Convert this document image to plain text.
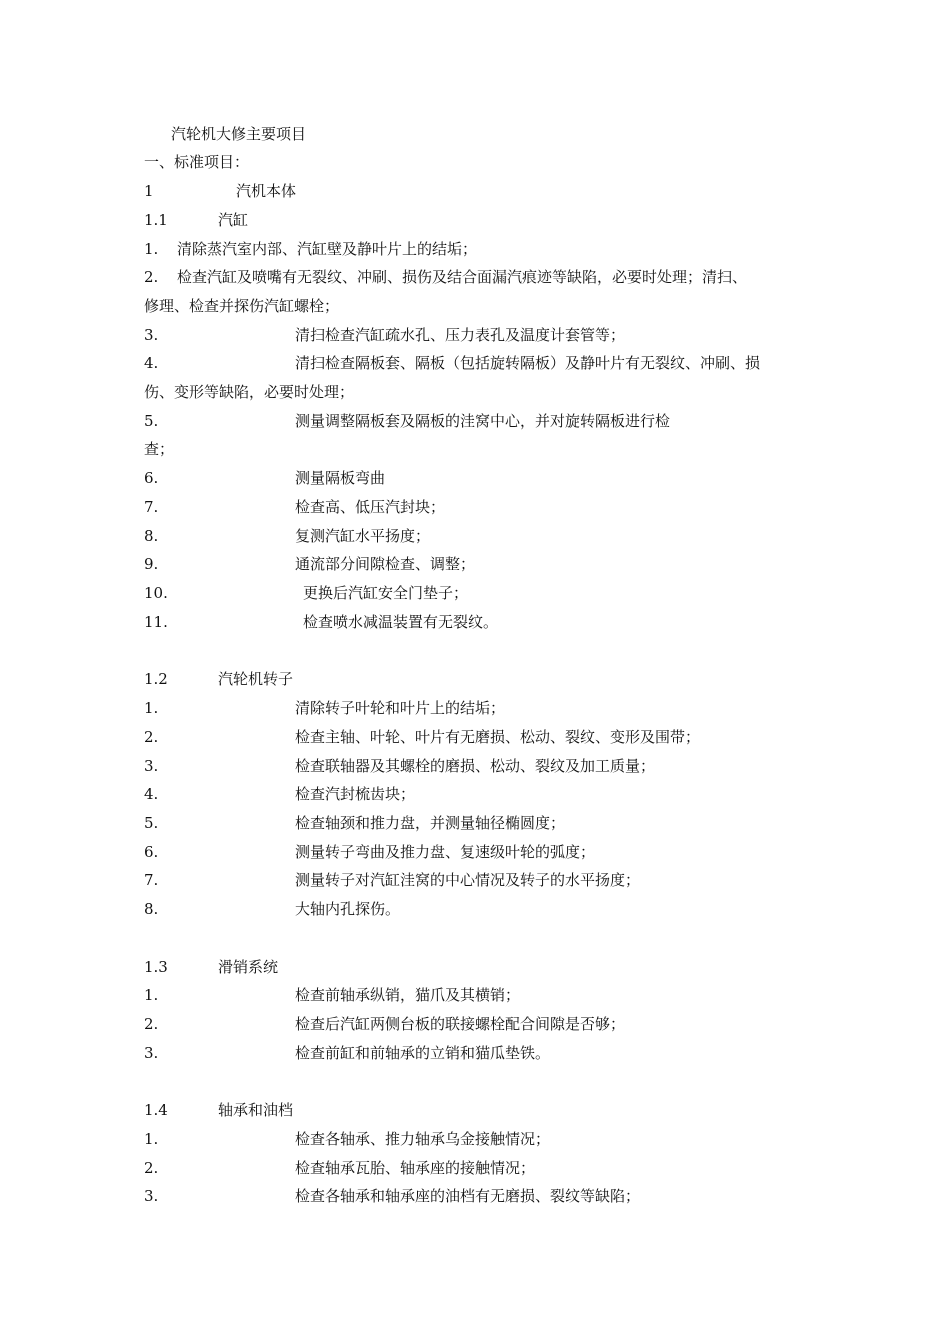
汽轮机大修主要项目
一、标准项目：
1	汽机本体
1.1	汽缸
1. 清除蒸汽室内部、汽缸壁及静叶片上的结垢；
2. 检查汽缸及喷嘴有无裂纹、冲刷、损伤及结合面漏汽痕迹等缺陷，必要时处理；清扫、
修理、检查并探伤汽缸螺栓；
3.	清扫检查汽缸疏水孔、压力表孔及温度计套管等；
4.	清扫检查隔板套、隔板（包括旋转隔板）及静叶片有无裂纹、冲刷、损
伤、变形等缺陷，必要时处理；
5.	测量调整隔板套及隔板的洼窝中心，并对旋转隔板进行检
查；
6.	测量隔板弯曲
7.	检查高、低压汽封块；
8.	复测汽缸水平扬度；
9.	通流部分间隙检查、调整；
10.	更换后汽缸安全门垫子；
11.	检查喷水减温装置有无裂纹。
1.2	汽轮机转子
1.	清除转子叶轮和叶片上的结垢；
2.	检查主轴、叶轮、叶片有无磨损、松动、裂纹、变形及围带；
3.	检查联轴器及其螺栓的磨损、松动、裂纹及加工质量；
4.	检查汽封梳齿块；
5.	检查轴颈和推力盘，并测量轴径椭圆度；
6.	测量转子弯曲及推力盘、复速级叶轮的弧度；
7.	测量转子对汽缸洼窝的中心情况及转子的水平扬度；
8.	大轴内孔探伤。
1.3	滑销系统
1.	检查前轴承纵销，猫爪及其横销；
2.	检查后汽缸两侧台板的联接螺栓配合间隙是否够；
3.	检查前缸和前轴承的立销和猫瓜垫铁。
1.4	轴承和油档
1.	检查各轴承、推力轴承乌金接触情况；
2.	检查轴承瓦胎、轴承座的接触情况；
3.	检查各轴承和轴承座的油档有无磨损、裂纹等缺陷；
